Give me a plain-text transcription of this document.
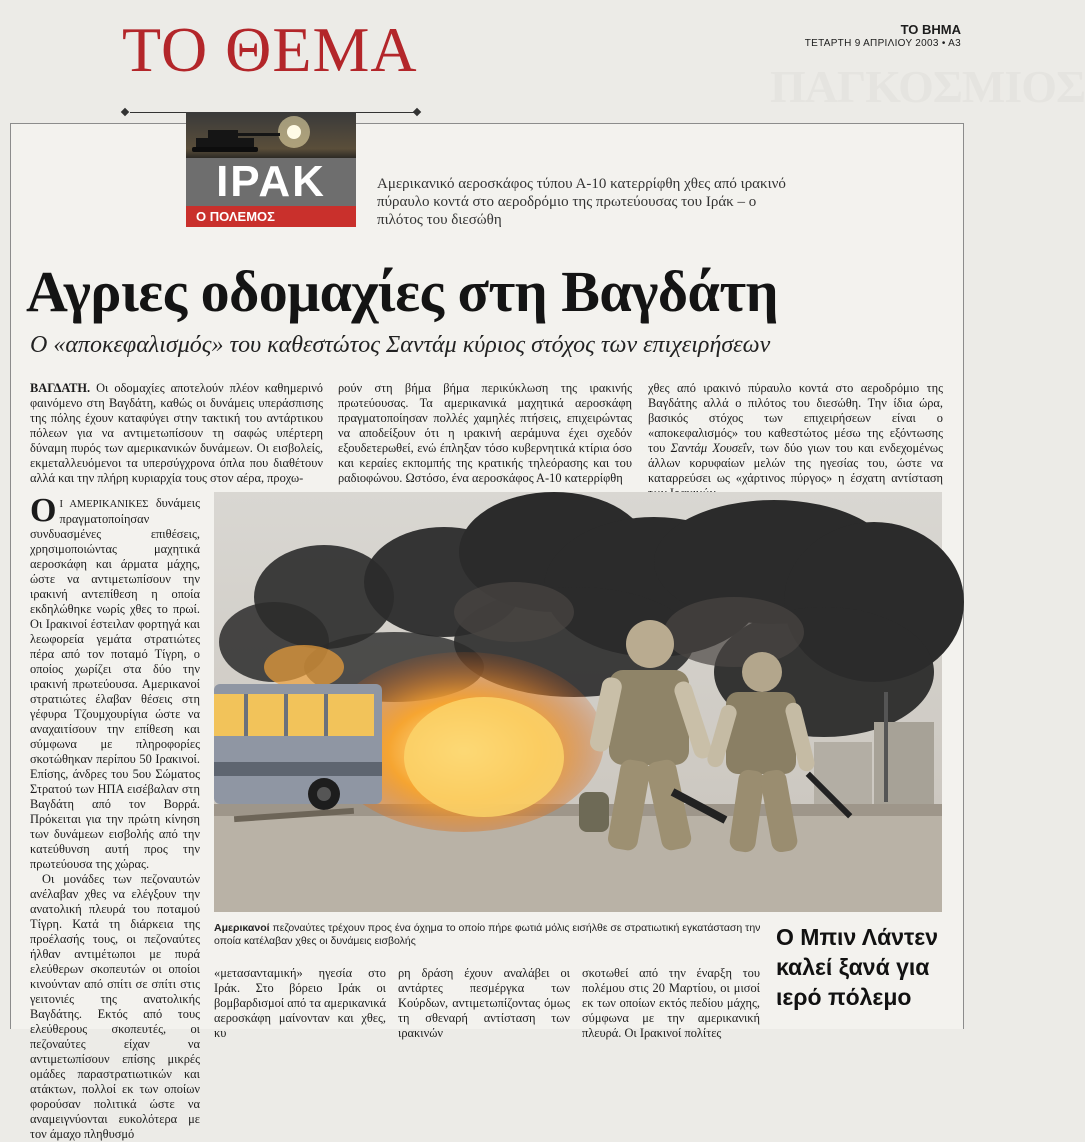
ΠΑΓΚΟΣΜΙΟΣ
ΤΟ ΘΕΜΑ	ΤΟ ΒΗΜΑ
ΤΕΤΑΡΤΗ 9 ΑΠΡΙΛΙΟΥ 2003 • Α3
ΙΡΑΚ
Ο ΠΟΛΕΜΟΣ
Αμερικανικό αεροσκάφος τύπου Α-10 κατερρίφθη χθες από ιρακινό πύραυλο κοντά στο αεροδρόμιο της πρωτεύουσας του Ιράκ – ο πιλότος του διεσώθη
Αγριες οδομαχίες στη Βαγδάτη
Ο «αποκεφαλισμός» του καθεστώτος Σαντάμ κύριος στόχος των επιχειρήσεων
ΒΑΓΔΑΤΗ. Οι οδομαχίες αποτελούν πλέον καθημερινό φαινόμενο στη Βαγδάτη, καθώς οι δυνάμεις υπεράσπισης της πόλης έχουν καταφύγει στην τακτική του αντάρτικου πόλεων για να αντιμετωπίσουν τη σαφώς υπέρτερη δύναμη πυρός των αμερικανικών δυνάμεων. Οι εισβολείς, εκμεταλλευόμενοι τα υπερσύγχρονα όπλα που διαθέτουν αλλά και την πλήρη κυριαρχία τους στον αέρα, προχω-
ρούν στη βήμα βήμα περικύκλωση της ιρακινής πρωτεύουσας. Τα αμερικανικά μαχητικά αεροσκάφη πραγματοποίησαν πολλές χαμηλές πτήσεις, επιχειρώντας να αποδείξουν ότι η ιρακινή αεράμυνα έχει σχεδόν εξουδετερωθεί, ενώ έπληξαν τόσο κυβερνητικά κτίρια όσο και κεραίες εκπομπής της κρατικής τηλεόρασης και του ραδιοφώνου. Ωστόσο, ένα αεροσκάφος Α-10 κατερρίφθη
χθες από ιρακινό πύραυλο κοντά στο αεροδρόμιο της Βαγδάτης αλλά ο πιλότος του διεσώθη. Την ίδια ώρα, βασικός στόχος των επιχειρήσεων είναι ο «αποκεφαλισμός» του καθεστώτος μέσω της εξόντωσης του Σαντάμ Χουσεΐν, των δύο γιων του και ενδεχομένως άλλων κορυφαίων μελών της ηγεσίας του, ώστε να καταρρεύσει ως «χάρτινος πύργος» η έσχατη αντίσταση

Ο Ι ΑΜΕΡΙΚΑΝΙΚΕΣ δυνάμεις πραγματοποίησαν συνδυασμένες επιθέσεις, χρησιμοποιώντας μαχητικά αεροσκάφη και άρματα μάχης, ώστε να αντιμετωπίσουν την ιρακινή αντεπίθεση η οποία εκδηλώθηκε νωρίς χθες το πρωί. Οι Ιρακινοί έστειλαν φορτηγά και λεωφορεία γεμάτα στρατιώτες πέρα από τον ποταμό Τίγρη, ο οποίος χωρίζει στα δύο την ιρακινή πρωτεύουσα. Αμερικανοί στρατιώτες έλαβαν θέσεις στη γέφυρα Τζουμχουρίγια ώστε να αναχαιτίσουν την επίθεση και σύμφωνα με πληροφορίες σκοτώθηκαν περίπου 50 Ιρακινοί. Επίσης, άνδρες του 5ου Σώματος Στρατού των ΗΠΑ εισέβαλαν στη Βαγδάτη από τον Βορρά. Πρόκειται για την πρώτη κίνηση των δυνάμεων εισβολής από την κατεύθυνση αυτή προς την πρωτεύουσα της χώρας.

Οι μονάδες των πεζοναυτών ανέλαβαν χθες να ελέγξουν την ανατολική πλευρά του ποταμού Τίγρη. Κατά τη διάρκεια της προέλασής τους, οι πεζοναύτες ήλθαν αντιμέτωποι με πυρά ελεύθερων σκοπευτών οι οποίοι κινούνταν από σπίτι σε σπίτι στις γειτονιές της ανατολικής Βαγδάτης. Εκτός από τους ελεύθερους σκοπευτές, οι πεζοναύτες είχαν να αντιμετωπίσουν επίσης μικρές ομάδες παραστρατιωτικών και ατάκτων, πολλοί εκ των οποίων φορούσαν πολιτικά ώστε να αναμειγνύονται ευκολότερα με τον άμαχο πληθυσμό

Αμερικανοί πεζοναύτες τρέχουν προς ένα όχημα το οποίο πήρε φωτιά μόλις εισήλθε σε στρατιωτική εγκατάσταση την οποία κατέλαβαν χθες οι δυνάμεις εισβολής	Ο Μπιν Λάντεν καλεί ξανά για ιερό πόλεμο
«μετασανταμική» ηγεσία στο Ιράκ. Στο βόρειο Ιράκ οι βομβαρδισμοί από τα αμερικανικά αεροσκάφη μαίνονταν και χθες, κυ
ρη δράση έχουν αναλάβει οι αντάρτες πεσμέργκα των Κούρδων, αντιμετωπίζοντας όμως τη σθεναρή αντίσταση των ιρακινών
σκοτωθεί από την έναρξη του πολέμου στις 20 Μαρτίου, οι μισοί εκ των οποίων εκτός πεδίου μάχης, σύμφωνα με την αμερικανική πλευρά. Οι Ιρακινοί πολίτες
